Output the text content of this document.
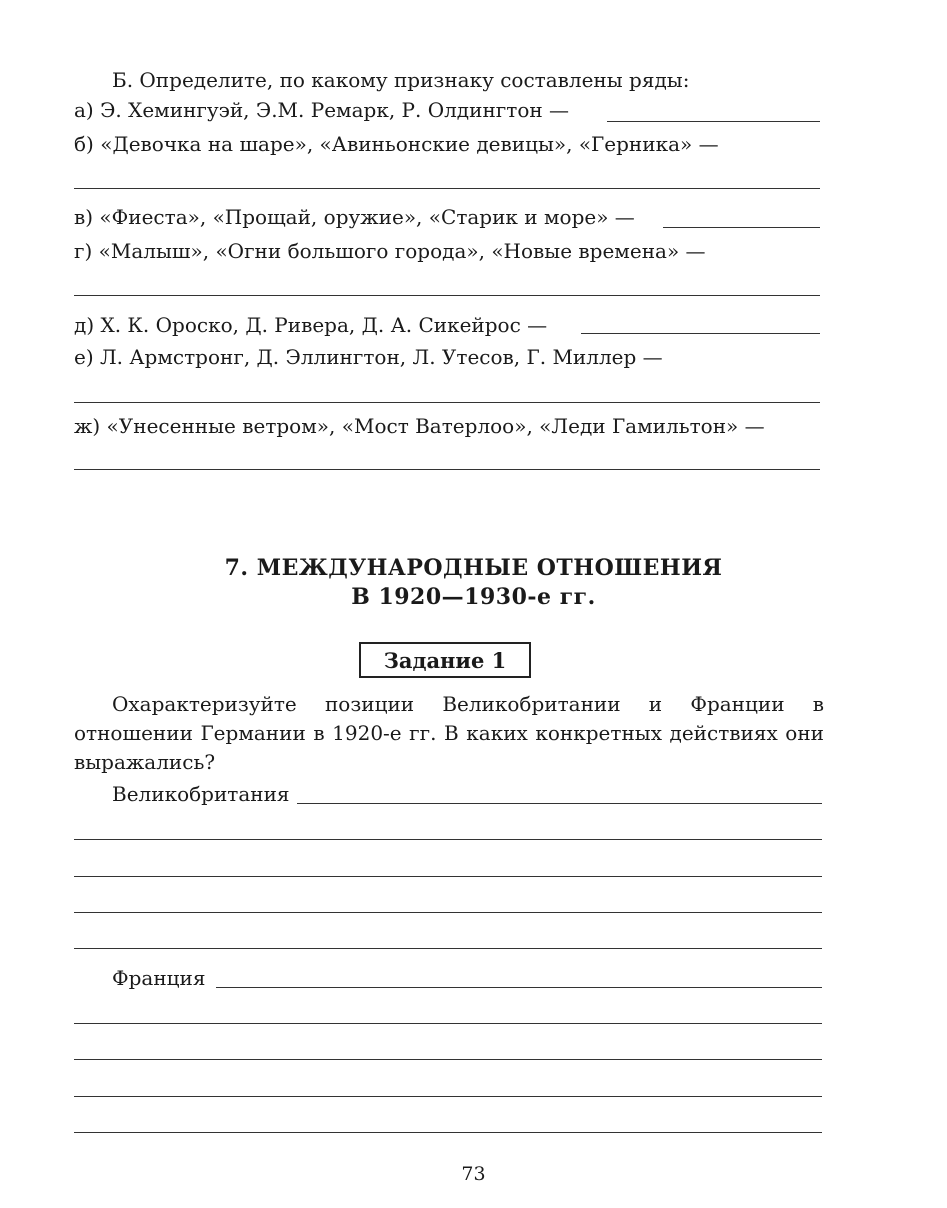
Б. Определите, по какому признаку составлены ряды:
а) Э. Хемингуэй, Э.М. Ремарк, Р. Олдингтон —
б) «Девочка на шаре», «Авиньонские девицы», «Герника» —
в) «Фиеста», «Прощай, оружие», «Старик и море» —
г) «Малыш», «Огни большого города», «Новые времена» —
д) Х. К. Ороско, Д. Ривера, Д. А. Сикейрос —
е) Л. Армстронг, Д. Эллингтон, Л. Утесов, Г. Миллер —
ж) «Унесенные ветром», «Мост Ватерлоо», «Леди Гамильтон» —
7. МЕЖДУНАРОДНЫЕ ОТНОШЕНИЯ
В 1920—1930-е гг.
Задание 1
Охарактеризуйте позиции Великобритании и Франции в отношении Германии в 1920-е гг. В каких конкретных действиях они выражались?
Великобритания
Франция
73
